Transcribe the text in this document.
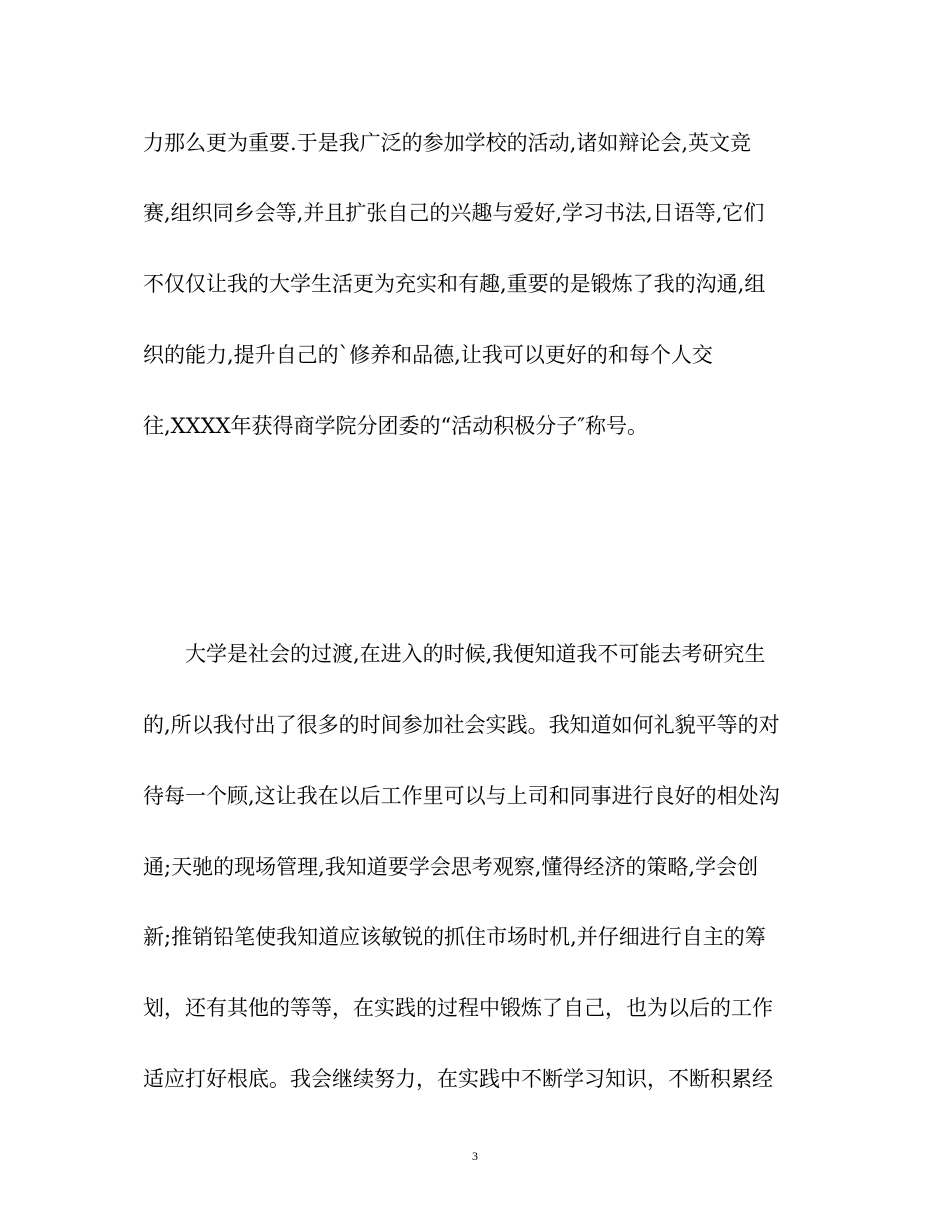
力那么更为重要.于是我广泛的参加学校的活动,诸如辩论会,英文竞
赛,组织同乡会等,并且扩张自己的兴趣与爱好,学习书法,日语等,它们
不仅仅让我的大学生活更为充实和有趣,重要的是锻炼了我的沟通,组
织的能力,提升自己的`修养和品德,让我可以更好的和每个人交
往,XXXX年获得商学院分团委的“活动积极分子″称号。
大学是社会的过渡,在进入的时候,我便知道我不可能去考研究生
的,所以我付出了很多的时间参加社会实践。我知道如何礼貌平等的对
待每一个顾,这让我在以后工作里可以与上司和同事进行良好的相处沟
通;天驰的现场管理,我知道要学会思考观察,懂得经济的策略,学会创
新;推销铅笔使我知道应该敏锐的抓住市场时机,并仔细进行自主的筹
划，还有其他的等等，在实践的过程中锻炼了自己，也为以后的工作
适应打好根底。我会继续努力，在实践中不断学习知识，不断积累经
3
